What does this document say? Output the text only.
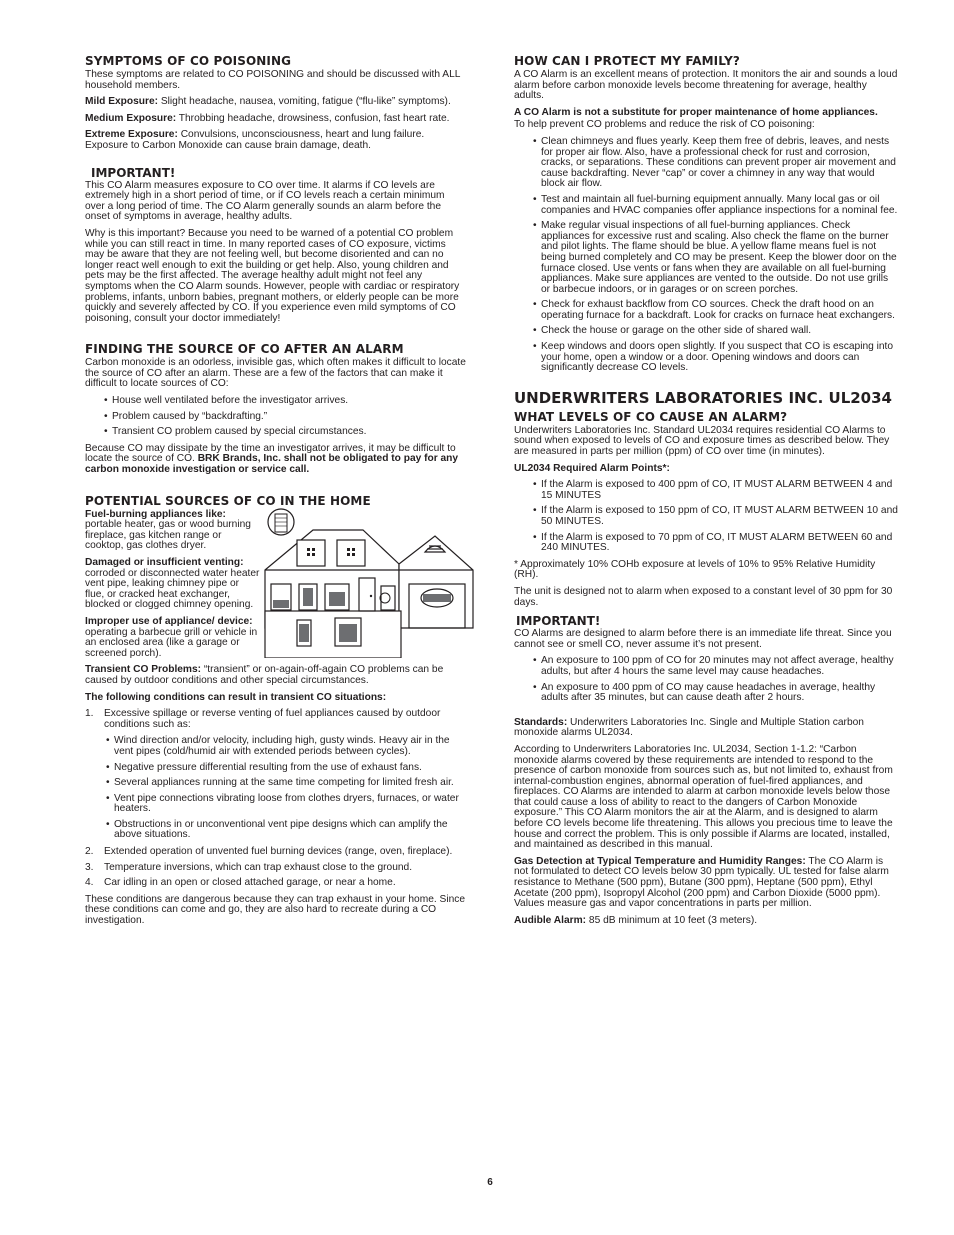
SYMPTOMS OF CO POISONING

These symptoms are related to CO POISONING and should be discussed with ALL household members.

Mild Exposure: Slight headache, nausea, vomiting, fatigue (“flu-like” symptoms).

Medium Exposure: Throbbing headache, drowsiness, confusion, fast heart rate.

Extreme Exposure: Convulsions, unconsciousness, heart and lung failure. Exposure to Carbon Monoxide can cause brain damage, death.

IMPORTANT!

This CO Alarm measures exposure to CO over time. It alarms if CO levels are extremely high in a short period of time, or if CO levels reach a certain minimum over a long period of time. The CO Alarm generally sounds an alarm before the onset of symptoms in average, healthy adults.

Why is this important? Because you need to be warned of a potential CO problem while you can still react in time. In many reported cases of CO exposure, victims may be aware that they are not feeling well, but become disoriented and can no longer react well enough to exit the building or get help. Also, young children and pets may be the first affected. The average healthy adult might not feel any symptoms when the CO Alarm sounds. However, people with cardiac or respiratory problems, infants, unborn babies, pregnant mothers, or elderly people can be more quickly and severely affected by CO. If you experience even mild symptoms of CO poisoning, consult your doctor immediately!

FINDING THE SOURCE OF CO AFTER AN ALARM

Carbon monoxide is an odorless, invisible gas, which often makes it difficult to locate the source of CO after an alarm. These are a few of the factors that can make it difficult to locate sources of CO:

• House well ventilated before the investigator arrives.
• Problem caused by “backdrafting.”
• Transient CO problem caused by special circumstances.

Because CO may dissipate by the time an investigator arrives, it may be difficult to locate the source of CO. BRK Brands, Inc. shall not be obligated to pay for any carbon monoxide investigation or service call.

POTENTIAL SOURCES OF CO IN THE HOME

Fuel-burning appliances like: portable heater, gas or wood burning fireplace, gas kitchen range or cooktop, gas clothes dryer.

Damaged or insufficient venting: corroded or disconnected water heater vent pipe, leaking chimney pipe or flue, or cracked heat exchanger, blocked or clogged chimney opening.

Improper use of appliance/ device: operating a barbecue grill or vehicle in an enclosed area (like a garage or screened porch).

Transient CO Problems: “transient” or on-again-off-again CO problems can be caused by outdoor conditions and other special circumstances.

The following conditions can result in transient CO situations:

1. Excessive spillage or reverse venting of fuel appliances caused by outdoor conditions such as:
• Wind direction and/or velocity, including high, gusty winds. Heavy air in the vent pipes (cold/humid air with extended periods between cycles).
• Negative pressure differential resulting from the use of exhaust fans.
• Several appliances running at the same time competing for limited fresh air.
• Vent pipe connections vibrating loose from clothes dryers, furnaces, or water heaters.
• Obstructions in or unconventional vent pipe designs which can amplify the above situations.
2. Extended operation of unvented fuel burning devices (range, oven, fireplace).
3. Temperature inversions, which can trap exhaust close to the ground.
4. Car idling in an open or closed attached garage, or near a home.

These conditions are dangerous because they can trap exhaust in your home. Since these conditions can come and go, they are also hard to recreate during a CO investigation.

HOW CAN I PROTECT MY FAMILY?

A CO Alarm is an excellent means of protection. It monitors the air and sounds a loud alarm before carbon monoxide levels become threatening for average, healthy adults.

A CO Alarm is not a substitute for proper maintenance of home appliances.

To help prevent CO problems and reduce the risk of CO poisoning:

• Clean chimneys and flues yearly. Keep them free of debris, leaves, and nests for proper air flow. Also, have a professional check for rust and corrosion, cracks, or separations. These conditions can prevent proper air movement and cause backdrafting. Never “cap” or cover a chimney in any way that would block air flow.
• Test and maintain all fuel-burning equipment annually. Many local gas or oil companies and HVAC companies offer appliance inspections for a nominal fee.
• Make regular visual inspections of all fuel-burning appliances. Check appliances for excessive rust and scaling. Also check the flame on the burner and pilot lights. The flame should be blue. A yellow flame means fuel is not being burned completely and CO may be present. Keep the blower door on the furnace closed. Use vents or fans when they are available on all fuel-burning appliances. Make sure appliances are vented to the outside. Do not use grills or barbecue indoors, or in garages or on screen porches.
• Check for exhaust backflow from CO sources. Check the draft hood on an operating furnace for a backdraft. Look for cracks on furnace heat exchangers.
• Check the house or garage on the other side of shared wall.
• Keep windows and doors open slightly. If you suspect that CO is escaping into your home, open a window or a door. Opening windows and doors can significantly decrease CO levels.
UNDERWRITERS LABORATORIES INC. UL2034
WHAT LEVELS OF CO CAUSE AN ALARM?

Underwriters Laboratories Inc. Standard UL2034 requires residential CO Alarms to sound when exposed to levels of CO and exposure times as described below. They are measured in parts per million (ppm) of CO over time (in minutes).

UL2034 Required Alarm Points*:

• If the Alarm is exposed to 400 ppm of CO, IT MUST ALARM BETWEEN 4 and 15 MINUTES
• If the Alarm is exposed to 150 ppm of CO, IT MUST ALARM BETWEEN 10 and 50 MINUTES.
• If the Alarm is exposed to 70 ppm of CO, IT MUST ALARM BETWEEN 60 and 240 MINUTES.

* Approximately 10% COHb exposure at levels of 10% to 95% Relative Humidity (RH).

The unit is designed not to alarm when exposed to a constant level of 30 ppm for 30 days.

IMPORTANT!

CO Alarms are designed to alarm before there is an immediate life threat. Since you cannot see or smell CO, never assume it’s not present.

• An exposure to 100 ppm of CO for 20 minutes may not affect average, healthy adults, but after 4 hours the same level may cause headaches.
• An exposure to 400 ppm of CO may cause headaches in average, healthy adults after 35 minutes, but can cause death after 2 hours.

Standards: Underwriters Laboratories Inc. Single and Multiple Station carbon monoxide alarms UL2034.

According to Underwriters Laboratories Inc. UL2034, Section 1-1.2: “Carbon monoxide alarms covered by these requirements are intended to respond to the presence of carbon monoxide from sources such as, but not limited to, exhaust from internal-combustion engines, abnormal operation of fuel-fired appliances, and fireplaces. CO Alarms are intended to alarm at carbon monoxide levels below those that could cause a loss of ability to react to the dangers of Carbon Monoxide exposure.” This CO Alarm monitors the air at the Alarm, and is designed to alarm before CO levels become life threatening. This allows you precious time to leave the house and correct the problem. This is only possible if Alarms are located, installed, and maintained as described in this manual.

Gas Detection at Typical Temperature and Humidity Ranges: The CO Alarm is not formulated to detect CO levels below 30 ppm typically. UL tested for false alarm resistance to Methane (500 ppm), Butane (300 ppm), Heptane (500 ppm), Ethyl Acetate (200 ppm), Isopropyl Alcohol (200 ppm) and Carbon Dioxide (5000 ppm). Values measure gas and vapor concentrations in parts per million.

Audible Alarm: 85 dB minimum at 10 feet (3 meters).

6
